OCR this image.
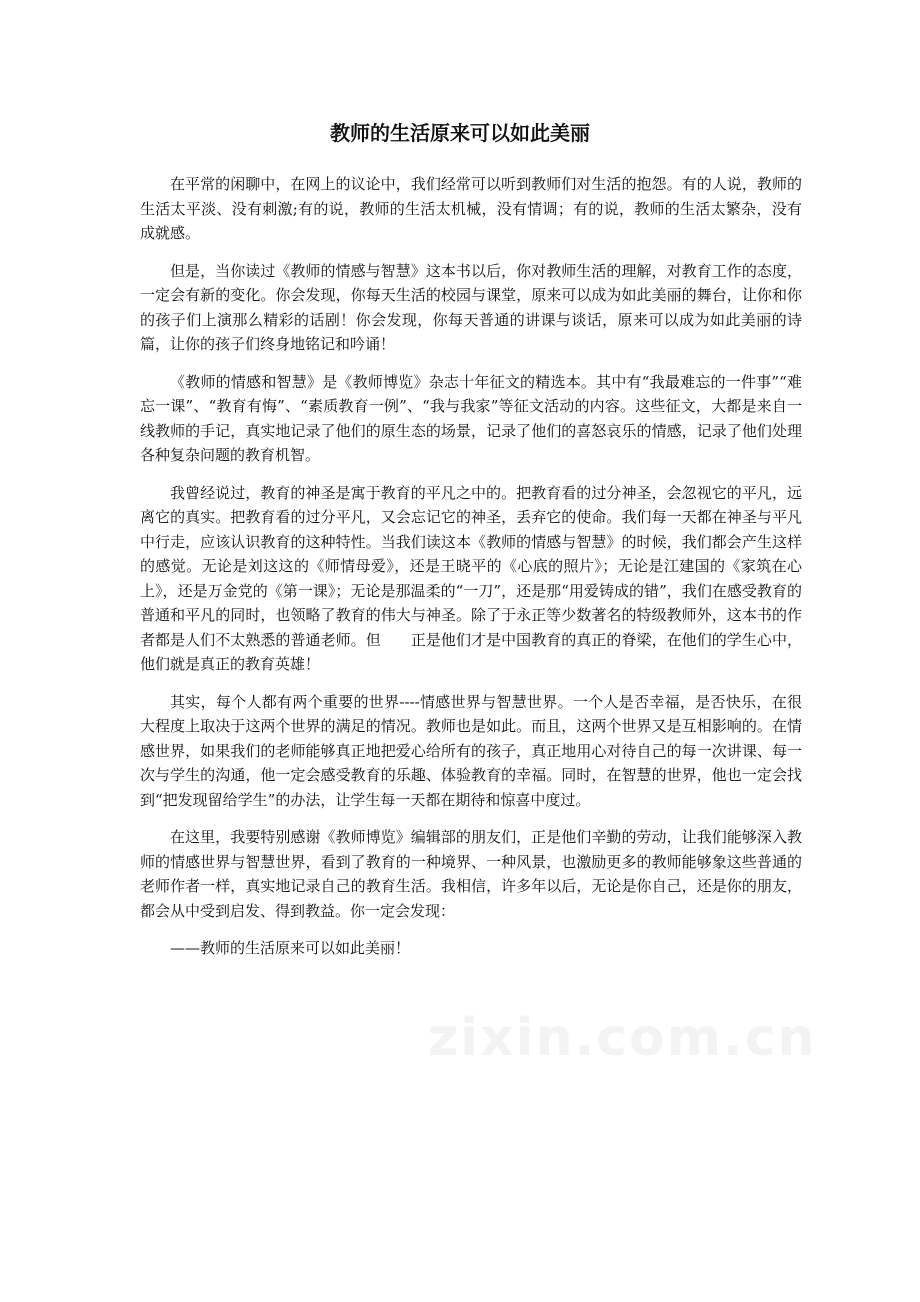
教师的生活原来可以如此美丽

在平常的闲聊中，在网上的议论中，我们经常可以听到教师们对生活的抱怨。有的人说，教师的生活太平淡、没有刺激;有的说，教师的生活太机械，没有情调；有的说，教师的生活太繁杂，没有成就感。

但是，当你读过《教师的情感与智慧》这本书以后，你对教师生活的理解，对教育工作的态度，一定会有新的变化。你会发现，你每天生活的校园与课堂，原来可以成为如此美丽的舞台，让你和你的孩子们上演那么精彩的话剧！你会发现，你每天普通的讲课与谈话，原来可以成为如此美丽的诗篇，让你的孩子们终身地铭记和吟诵！

《教师的情感和智慧》是《教师博览》杂志十年征文的精选本。其中有“我最难忘的一件事”“难忘一课”、“教育有悔”、“素质教育一例”、“我与我家”等征文活动的内容。这些征文，大都是来自一线教师的手记，真实地记录了他们的原生态的场景，记录了他们的喜怒哀乐的情感，记录了他们处理各种复杂问题的教育机智。

我曾经说过，教育的神圣是寓于教育的平凡之中的。把教育看的过分神圣，会忽视它的平凡，远离它的真实。把教育看的过分平凡，又会忘记它的神圣，丢弃它的使命。我们每一天都在神圣与平凡中行走，应该认识教育的这种特性。当我们读这本《教师的情感与智慧》的时候，我们都会产生这样的感觉。无论是刘这这的《师情母爱》，还是王晓平的《心底的照片》；无论是江建国的《家筑在心上》，还是万金党的《第一课》；无论是那温柔的“一刀”，还是那“用爱铸成的错”，我们在感受教育的普通和平凡的同时，也领略了教育的伟大与神圣。除了于永正等少数著名的特级教师外，这本书的作者都是人们不太熟悉的普通老师。但　　正是他们才是中国教育的真正的脊梁，在他们的学生心中，他们就是真正的教育英雄！

其实，每个人都有两个重要的世界----情感世界与智慧世界。一个人是否幸福，是否快乐，在很大程度上取决于这两个世界的满足的情况。教师也是如此。而且，这两个世界又是互相影响的。在情感世界，如果我们的老师能够真正地把爱心给所有的孩子，真正地用心对待自己的每一次讲课、每一次与学生的沟通，他一定会感受教育的乐趣、体验教育的幸福。同时，在智慧的世界，他也一定会找到“把发现留给学生”的办法，让学生每一天都在期待和惊喜中度过。

在这里，我要特别感谢《教师博览》编辑部的朋友们，正是他们辛勤的劳动，让我们能够深入教师的情感世界与智慧世界，看到了教育的一种境界、一种风景，也激励更多的教师能够象这些普通的老师作者一样，真实地记录自己的教育生活。我相信，许多年以后，无论是你自己，还是你的朋友，都会从中受到启发、得到教益。你一定会发现：

——教师的生活原来可以如此美丽！

zixin.com.cn
